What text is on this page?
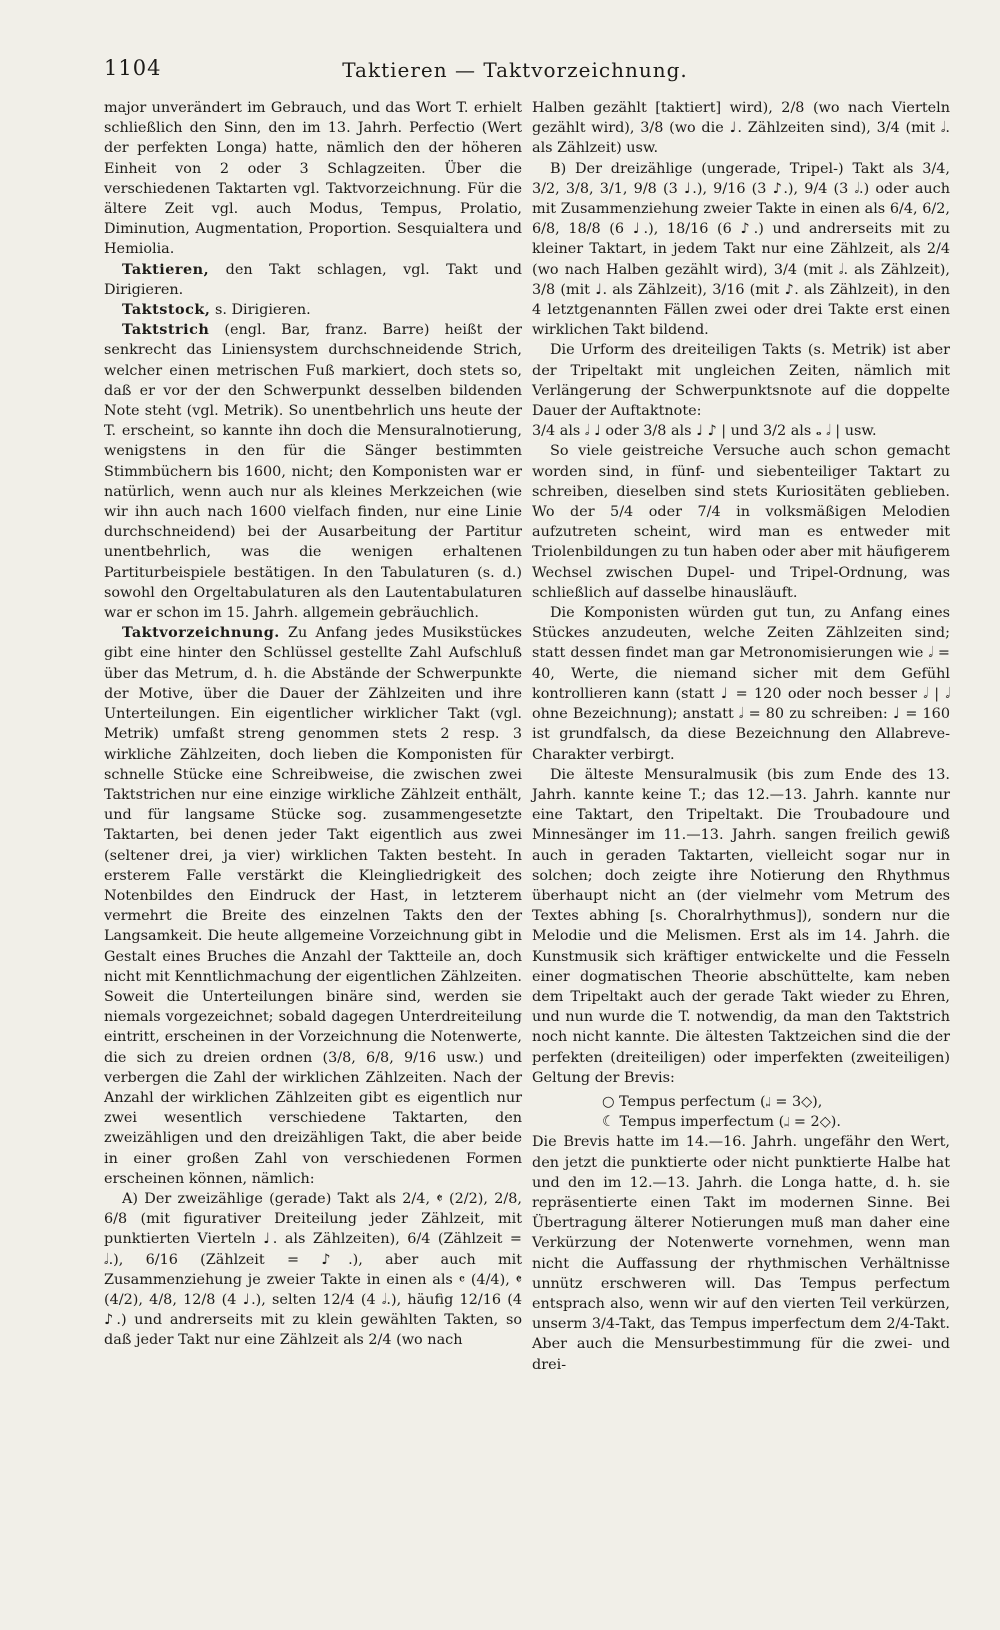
1104	Taktieren — Taktvorzeichnung.

major unverändert im Gebrauch, und das Wort T. erhielt schließlich den Sinn, den im 13. Jahrh. Perfectio (Wert der perfekten Longa) hatte, nämlich den der höheren Einheit von 2 oder 3 Schlagzeiten. Über die verschiedenen Taktarten vgl. Taktvorzeichnung. Für die ältere Zeit vgl. auch Modus, Tempus, Prolatio, Diminution, Augmentation, Proportion. Sesquialtera und Hemiolia.

Taktieren, den Takt schlagen, vgl. Takt und Dirigieren.

Taktstock, s. Dirigieren.

Taktstrich (engl. Bar, franz. Barre) heißt der senkrecht das Liniensystem durchschneidende Strich, welcher einen metrischen Fuß markiert, doch stets so, daß er vor der den Schwerpunkt desselben bildenden Note steht (vgl. Metrik). So unentbehrlich uns heute der T. erscheint, so kannte ihn doch die Mensuralnotierung, wenigstens in den für die Sänger bestimmten Stimmbüchern bis 1600, nicht; den Komponisten war er natürlich, wenn auch nur als kleines Merkzeichen (wie wir ihn auch nach 1600 vielfach finden, nur eine Linie durchschneidend) bei der Ausarbeitung der Partitur unentbehrlich, was die wenigen erhaltenen Partiturbeispiele bestätigen. In den Tabulaturen (s. d.) sowohl den Orgeltabulaturen als den Lautentabulaturen war er schon im 15. Jahrh. allgemein gebräuchlich.

Taktvorzeichnung. Zu Anfang jedes Musikstückes gibt eine hinter den Schlüssel gestellte Zahl Aufschluß über das Metrum, d. h. die Abstände der Schwerpunkte der Motive, über die Dauer der Zählzeiten und ihre Unterteilungen. Ein eigentlicher wirklicher Takt (vgl. Metrik) umfaßt streng genommen stets 2 resp. 3 wirkliche Zählzeiten, doch lieben die Komponisten für schnelle Stücke eine Schreibweise, die zwischen zwei Taktstrichen nur eine einzige wirkliche Zählzeit enthält, und für langsame Stücke sog. zusammengesetzte Taktarten, bei denen jeder Takt eigentlich aus zwei (seltener drei, ja vier) wirklichen Takten besteht. In ersterem Falle verstärkt die Kleingliedrigkeit des Notenbildes den Eindruck der Hast, in letzterem vermehrt die Breite des einzelnen Takts den der Langsamkeit. Die heute allgemeine Vorzeichnung gibt in Gestalt eines Bruches die Anzahl der Taktteile an, doch nicht mit Kenntlichmachung der eigentlichen Zählzeiten. Soweit die Unterteilungen binäre sind, werden sie niemals vorgezeichnet; sobald dagegen Unterdreiteilung eintritt, erscheinen in der Vorzeichnung die Notenwerte, die sich zu dreien ordnen (3/8, 6/8, 9/16 usw.) und verbergen die Zahl der wirklichen Zählzeiten. Nach der Anzahl der wirklichen Zählzeiten gibt es eigentlich nur zwei wesentlich verschiedene Taktarten, den zweizähligen und den dreizähligen Takt, die aber beide in einer großen Zahl von verschiedenen Formen erscheinen können, nämlich:

A) Der zweizählige (gerade) Takt als 2/4, 𝄵 (2/2), 2/8, 6/8 (mit figurativer Dreiteilung jeder Zählzeit, mit punktierten Vierteln ♩. als Zählzeiten), 6/4 (Zählzeit = 𝅗𝅥.), 6/16 (Zählzeit = ♪.), aber auch mit Zusammenziehung je zweier Takte in einen als 𝄴 (4/4), 𝄵 (4/2), 4/8, 12/8 (4 ♩.), selten 12/4 (4 𝅗𝅥.), häufig 12/16 (4 ♪.) und andrerseits mit zu klein gewählten Takten, so daß jeder Takt nur eine Zählzeit als 2/4 (wo nach

Halben gezählt [taktiert] wird), 2/8 (wo nach Vierteln gezählt wird), 3/8 (wo die ♩. Zählzeiten sind), 3/4 (mit 𝅗𝅥. als Zählzeit) usw.

B) Der dreizählige (ungerade, Tripel-) Takt als 3/4, 3/2, 3/8, 3/1, 9/8 (3 ♩.), 9/16 (3 ♪.), 9/4 (3 𝅗𝅥.) oder auch mit Zusammenziehung zweier Takte in einen als 6/4, 6/2, 6/8, 18/8 (6 ♩.), 18/16 (6 ♪.) und andrerseits mit zu kleiner Taktart, in jedem Takt nur eine Zählzeit, als 2/4 (wo nach Halben gezählt wird), 3/4 (mit 𝅗𝅥. als Zählzeit), 3/8 (mit ♩. als Zählzeit), 3/16 (mit ♪. als Zählzeit), in den 4 letztgenannten Fällen zwei oder drei Takte erst einen wirklichen Takt bildend.

Die Urform des dreiteiligen Takts (s. Metrik) ist aber der Tripeltakt mit ungleichen Zeiten, nämlich mit Verlängerung der Schwerpunktsnote auf die doppelte Dauer der Auftaktnote:

3/4 als 𝅗𝅥 ♩ oder 3/8 als ♩ ♪ | und 3/2 als 𝅝 𝅗𝅥 | usw.

So viele geistreiche Versuche auch schon gemacht worden sind, in fünf- und siebenteiliger Taktart zu schreiben, dieselben sind stets Kuriositäten geblieben. Wo der 5/4 oder 7/4 in volksmäßigen Melodien aufzutreten scheint, wird man es entweder mit Triolenbildungen zu tun haben oder aber mit häufigerem Wechsel zwischen Dupel- und Tripel-Ordnung, was schließlich auf dasselbe hinausläuft.

Die Komponisten würden gut tun, zu Anfang eines Stückes anzudeuten, welche Zeiten Zählzeiten sind; statt dessen findet man gar Metronomisierungen wie 𝅗𝅥 = 40, Werte, die niemand sicher mit dem Gefühl kontrollieren kann (statt ♩ = 120 oder noch besser 𝅗𝅥 | 𝅗𝅥 ohne Bezeichnung); anstatt 𝅗𝅥 = 80 zu schreiben: ♩ = 160 ist grundfalsch, da diese Bezeichnung den Allabreve-Charakter verbirgt.

Die älteste Mensuralmusik (bis zum Ende des 13. Jahrh. kannte keine T.; das 12.—13. Jahrh. kannte nur eine Taktart, den Tripeltakt. Die Troubadoure und Minnesänger im 11.—13. Jahrh. sangen freilich gewiß auch in geraden Taktarten, vielleicht sogar nur in solchen; doch zeigte ihre Notierung den Rhythmus überhaupt nicht an (der vielmehr vom Metrum des Textes abhing [s. Choralrhythmus]), sondern nur die Melodie und die Melismen. Erst als im 14. Jahrh. die Kunstmusik sich kräftiger entwickelte und die Fesseln einer dogmatischen Theorie abschüttelte, kam neben dem Tripeltakt auch der gerade Takt wieder zu Ehren, und nun wurde die T. notwendig, da man den Taktstrich noch nicht kannte. Die ältesten Taktzeichen sind die der perfekten (dreiteiligen) oder imperfekten (zweiteiligen) Geltung der Brevis:

○ Tempus perfectum (𝆷 = 3◇),
☾ Tempus imperfectum (𝆷 = 2◇).

Die Brevis hatte im 14.—16. Jahrh. ungefähr den Wert, den jetzt die punktierte oder nicht punktierte Halbe hat und den im 12.—13. Jahrh. die Longa hatte, d. h. sie repräsentierte einen Takt im modernen Sinne. Bei Übertragung älterer Notierungen muß man daher eine Verkürzung der Notenwerte vornehmen, wenn man nicht die Auffassung der rhythmischen Verhältnisse unnütz erschweren will. Das Tempus perfectum entsprach also, wenn wir auf den vierten Teil verkürzen, unserm 3/4-Takt, das Tempus imperfectum dem 2/4-Takt. Aber auch die Mensurbestimmung für die zwei- und drei-
